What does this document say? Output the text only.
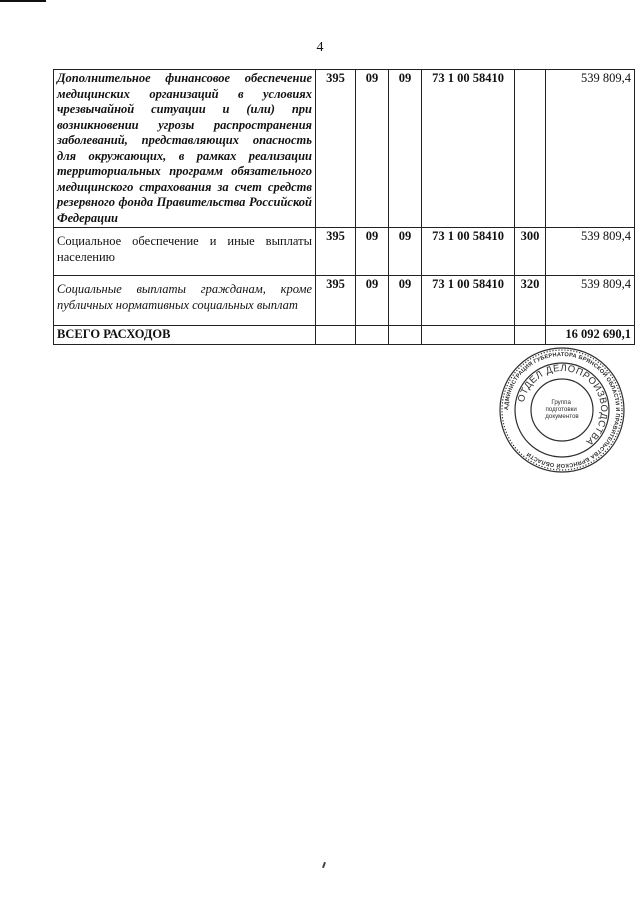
4
Дополнительное финансовое обеспечение медицинских организаций в условиях чрезвычайной ситуации и (или) при возникновении угрозы распространения заболеваний, представляющих опасность для окружающих, в рамках реализации территориальных программ обязательного медицинского страхования за счет средств резервного фонда Правительства Российской Федерации	395	09	09	73 1 00 58410		539 809,4
Социальное обеспечение и иные выплаты населению	395	09	09	73 1 00 58410	300	539 809,4
Социальные выплаты гражданам, кроме публичных нормативных социальных выплат	395	09	09	73 1 00 58410	320	539 809,4
ВСЕГО РАСХОДОВ						16 092 690,1
АДМИНИСТРАЦИЯ ГУБЕРНАТОРА БРЯНСКОЙ ОБЛАСТИ И ПРАВИТЕЛЬСТВА БРЯНСКОЙ ОБЛАСТИ
ОТДЕЛ ДЕЛОПРОИЗВОДСТВА
Группа подготовки документов
